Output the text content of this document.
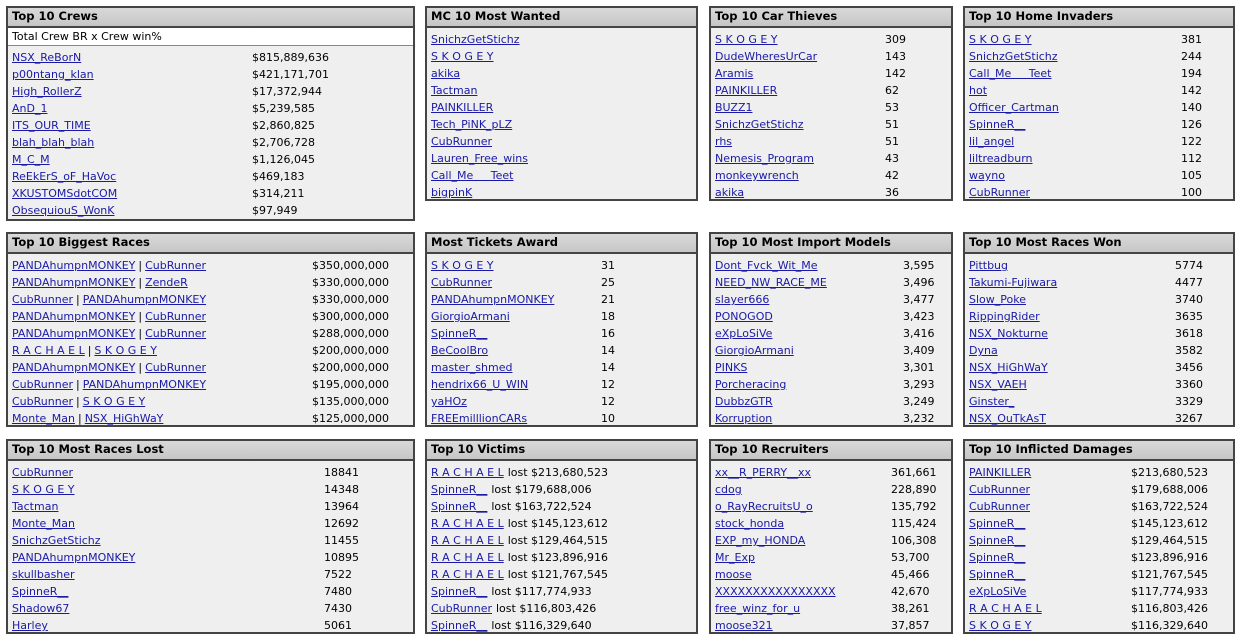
Top 10 Crews
Total Crew BR x Crew win%
NSX_ReBorN	$815,889,636
p00ntang_klan	$421,171,701
High_RollerZ	$17,372,944
AnD_1	$5,239,585
ITS_OUR_TIME	$2,860,825
blah_blah_blah	$2,706,728
M_C_M	$1,126,045
ReEkErS_oF_HaVoc	$469,183
XKUSTOMSdotCOM	$314,211
ObsequiouS_WonK	$97,949
MC 10 Most Wanted
SnichzGetStichz
S K O G E Y
akika
Tactman
PAINKILLER
Tech_PiNK_pLZ
CubRunner
Lauren_Free_wins
Call_Me     Teet
bigpinK
Top 10 Car Thieves
S K O G E Y	309
DudeWheresUrCar	143
Aramis	142
PAINKILLER	62
BUZZ1	53
SnichzGetStichz	51
rhs	51
Nemesis_Program	43
monkeywrench	42
akika	36
Top 10 Home Invaders
S K O G E Y	381
SnichzGetStichz	244
Call_Me     Teet	194
hot	142
Officer_Cartman	140
SpinneR__	126
lil_angel	122
liltreadburn	112
wayno	105
CubRunner	100
Top 10 Biggest Races
PANDAhumpnMONKEY | CubRunner	$350,000,000
PANDAhumpnMONKEY | ZendeR	$330,000,000
CubRunner | PANDAhumpnMONKEY	$330,000,000
PANDAhumpnMONKEY | CubRunner	$300,000,000
PANDAhumpnMONKEY | CubRunner	$288,000,000
R A C H A E L | S K O G E Y	$200,000,000
PANDAhumpnMONKEY | CubRunner	$200,000,000
CubRunner | PANDAhumpnMONKEY	$195,000,000
CubRunner | S K O G E Y	$135,000,000
Monte_Man | NSX_HiGhWaY	$125,000,000
Most Tickets Award
S K O G E Y	31
CubRunner	25
PANDAhumpnMONKEY	21
GiorgioArmani	18
SpinneR__	16
BeCoolBro	14
master_shmed	14
hendrix66_U_WIN	12
yaHOz	12
FREEmilllionCARs	10
Top 10 Most Import Models
Dont_Fvck_Wit_Me	3,595
NEED_NW_RACE_ME	3,496
slayer666	3,477
PONOGOD	3,423
eXpLoSiVe	3,416
GiorgioArmani	3,409
PINKS	3,301
Porcheracing	3,293
DubbzGTR	3,249
Korruption	3,232
Top 10 Most Races Won
Pittbug	5774
Takumi-Fujiwara	4477
Slow_Poke	3740
RippingRider	3635
NSX_Nokturne	3618
Dyna	3582
NSX_HiGhWaY	3456
NSX_VAEH	3360
Ginster_	3329
NSX_OuTkAsT	3267
Top 10 Most Races Lost
CubRunner	18841
S K O G E Y	14348
Tactman	13964
Monte_Man	12692
SnichzGetStichz	11455
PANDAhumpnMONKEY	10895
skullbasher	7522
SpinneR__	7480
Shadow67	7430
Harley	5061
Top 10 Victims
R A C H A E L lost $213,680,523
SpinneR__ lost $179,688,006
SpinneR__ lost $163,722,524
R A C H A E L lost $145,123,612
R A C H A E L lost $129,464,515
R A C H A E L lost $123,896,916
R A C H A E L lost $121,767,545
SpinneR__ lost $117,774,933
CubRunner lost $116,803,426
SpinneR__ lost $116,329,640
Top 10 Recruiters
xx__R_PERRY__xx	361,661
cdog	228,890
o_RayRecruitsU_o	135,792
stock_honda	115,424
EXP_my_HONDA	106,308
Mr_Exp	53,700
moose	45,466
XXXXXXXXXXXXXXXX	42,670
free_winz_for_u	38,261
moose321	37,857
Top 10 Inflicted Damages
PAINKILLER	$213,680,523
CubRunner	$179,688,006
CubRunner	$163,722,524
SpinneR__	$145,123,612
SpinneR__	$129,464,515
SpinneR__	$123,896,916
SpinneR__	$121,767,545
eXpLoSiVe	$117,774,933
R A C H A E L	$116,803,426
S K O G E Y	$116,329,640
